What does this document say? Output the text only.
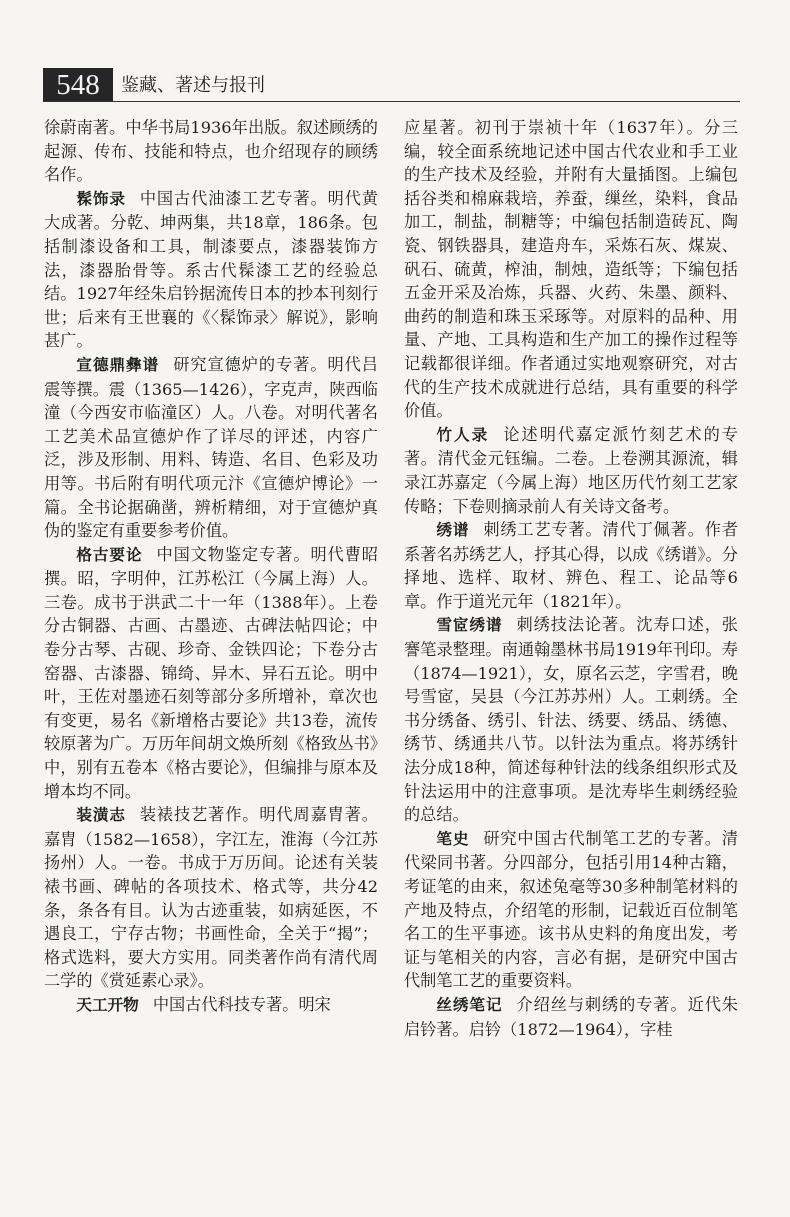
548	鉴藏、著述与报刊

徐蔚南著。中华书局1936年出版。叙述顾绣的起源、传布、技能和特点，也介绍现存的顾绣名作。

髹饰录 中国古代油漆工艺专著。明代黄大成著。分乾、坤两集，共18章，186条。包括制漆设备和工具，制漆要点，漆器装饰方法，漆器胎骨等。系古代髹漆工艺的经验总结。1927年经朱启钤据流传日本的抄本刊刻行世；后来有王世襄的《〈髹饰录〉解说》，影响甚广。

宣德鼎彝谱 研究宣德炉的专著。明代吕震等撰。震（1365—1426），字克声，陕西临潼（今西安市临潼区）人。八卷。对明代著名工艺美术品宣德炉作了详尽的评述，内容广泛，涉及形制、用料、铸造、名目、色彩及功用等。书后附有明代项元汴《宣德炉博论》一篇。全书论据确凿，辨析精细，对于宣德炉真伪的鉴定有重要参考价值。

格古要论 中国文物鉴定专著。明代曹昭撰。昭，字明仲，江苏松江（今属上海）人。三卷。成书于洪武二十一年（1388年）。上卷分古铜器、古画、古墨迹、古碑法帖四论；中卷分古琴、古砚、珍奇、金铁四论；下卷分古窑器、古漆器、锦绮、异木、异石五论。明中叶，王佐对墨迹石刻等部分多所增补，章次也有变更，易名《新增格古要论》共13卷，流传较原著为广。万历年间胡文焕所刻《格致丛书》中，别有五卷本《格古要论》，但编排与原本及增本均不同。

装潢志 装裱技艺著作。明代周嘉胄著。嘉胄（1582—1658），字江左，淮海（今江苏扬州）人。一卷。书成于万历间。论述有关装裱书画、碑帖的各项技术、格式等，共分42条，条各有目。认为古迹重装，如病延医，不遇良工，宁存古物；书画性命，全关于“揭”；格式选料，要大方实用。同类著作尚有清代周二学的《赏延素心录》。

天工开物 中国古代科技专著。明宋

应星著。初刊于崇祯十年（1637年）。分三编，较全面系统地记述中国古代农业和手工业的生产技术及经验，并附有大量插图。上编包括谷类和棉麻栽培，养蚕，缫丝，染料，食品加工，制盐，制糖等；中编包括制造砖瓦、陶瓷、钢铁器具，建造舟车，采炼石灰、煤炭、矾石、硫黄，榨油，制烛，造纸等；下编包括五金开采及冶炼，兵器、火药、朱墨、颜料、曲药的制造和珠玉采琢等。对原料的品种、用量、产地、工具构造和生产加工的操作过程等记载都很详细。作者通过实地观察研究，对古代的生产技术成就进行总结，具有重要的科学价值。

竹人录 论述明代嘉定派竹刻艺术的专著。清代金元钰编。二卷。上卷溯其源流，辑录江苏嘉定（今属上海）地区历代竹刻工艺家传略；下卷则摘录前人有关诗文备考。

绣谱 刺绣工艺专著。清代丁佩著。作者系著名苏绣艺人，抒其心得，以成《绣谱》。分择地、选样、取材、辨色、程工、论品等6章。作于道光元年（1821年）。

雪宧绣谱 刺绣技法论著。沈寿口述，张謇笔录整理。南通翰墨林书局1919年刊印。寿（1874—1921），女，原名云芝，字雪君，晚号雪宧，吴县（今江苏苏州）人。工刺绣。全书分绣备、绣引、针法、绣要、绣品、绣德、绣节、绣通共八节。以针法为重点。将苏绣针法分成18种，简述每种针法的线条组织形式及针法运用中的注意事项。是沈寿毕生刺绣经验的总结。

笔史 研究中国古代制笔工艺的专著。清代梁同书著。分四部分，包括引用14种古籍，考证笔的由来，叙述兔毫等30多种制笔材料的产地及特点，介绍笔的形制，记载近百位制笔名工的生平事迹。该书从史料的角度出发，考证与笔相关的内容，言必有据，是研究中国古代制笔工艺的重要资料。

丝绣笔记 介绍丝与刺绣的专著。近代朱启钤著。启钤（1872—1964），字桂
